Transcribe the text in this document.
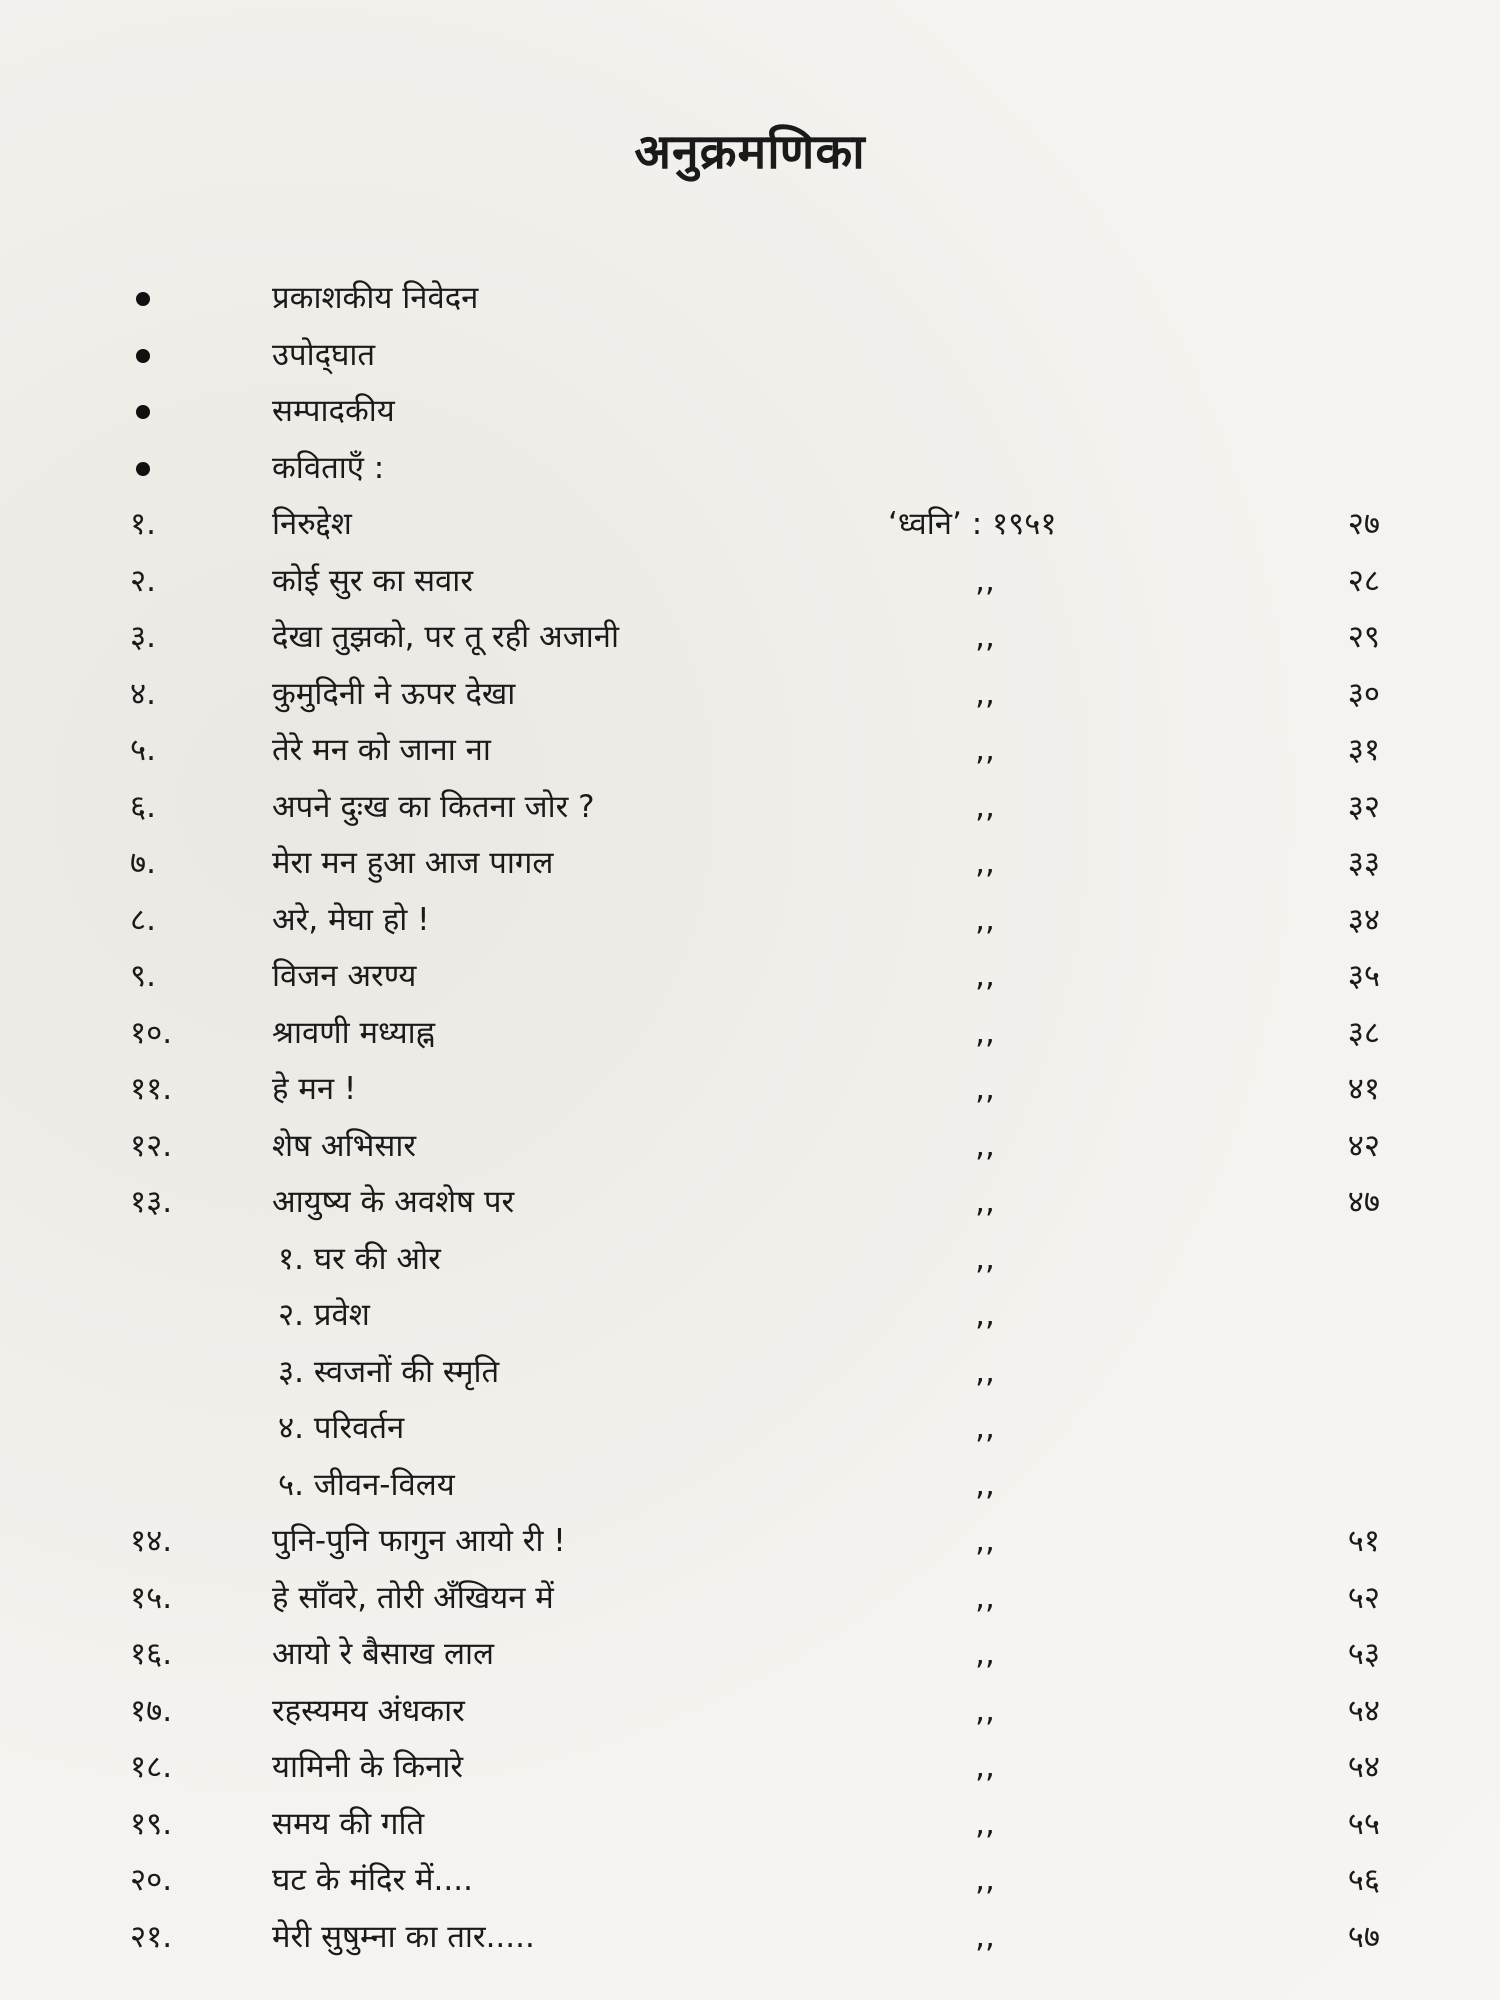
अनुक्रमणिका
प्रकाशकीय निवेदन
उपोद्‌घात
सम्पादकीय
कविताएँ :
१.	निरुद्देश	‘ध्वनि’ : १९५१	२७
२.	कोई सुर का सवार	,,	२८
३.	देखा तुझको, पर तू रही अजानी	,,	२९
४.	कुमुदिनी ने ऊपर देखा	,,	३०
५.	तेरे मन को जाना ना	,,	३१
६.	अपने दुःख का कितना जोर ?	,,	३२
७.	मेरा मन हुआ आज पागल	,,	३३
८.	अरे, मेघा हो !	,,	३४
९.	विजन अरण्य	,,	३५
१०.	श्रावणी मध्याह्न	,,	३८
११.	हे मन !	,,	४१
१२.	शेष अभिसार	,,	४२
१३.	आयुष्य के अवशेष पर	,,	४७
१. घर की ओर	,,
२. प्रवेश	,,
३. स्वजनों की स्मृति	,,
४. परिवर्तन	,,
५. जीवन-विलय	,,
१४.	पुनि-पुनि फागुन आयो री !	,,	५१
१५.	हे साँवरे, तोरी अँखियन में	,,	५२
१६.	आयो रे बैसाख लाल	,,	५३
१७.	रहस्यमय अंधकार	,,	५४
१८.	यामिनी के किनारे	,,	५४
१९.	समय की गति	,,	५५
२०.	घट के मंदिर में....	,,	५६
२१.	मेरी सुषुम्ना का तार.....	,,	५७
